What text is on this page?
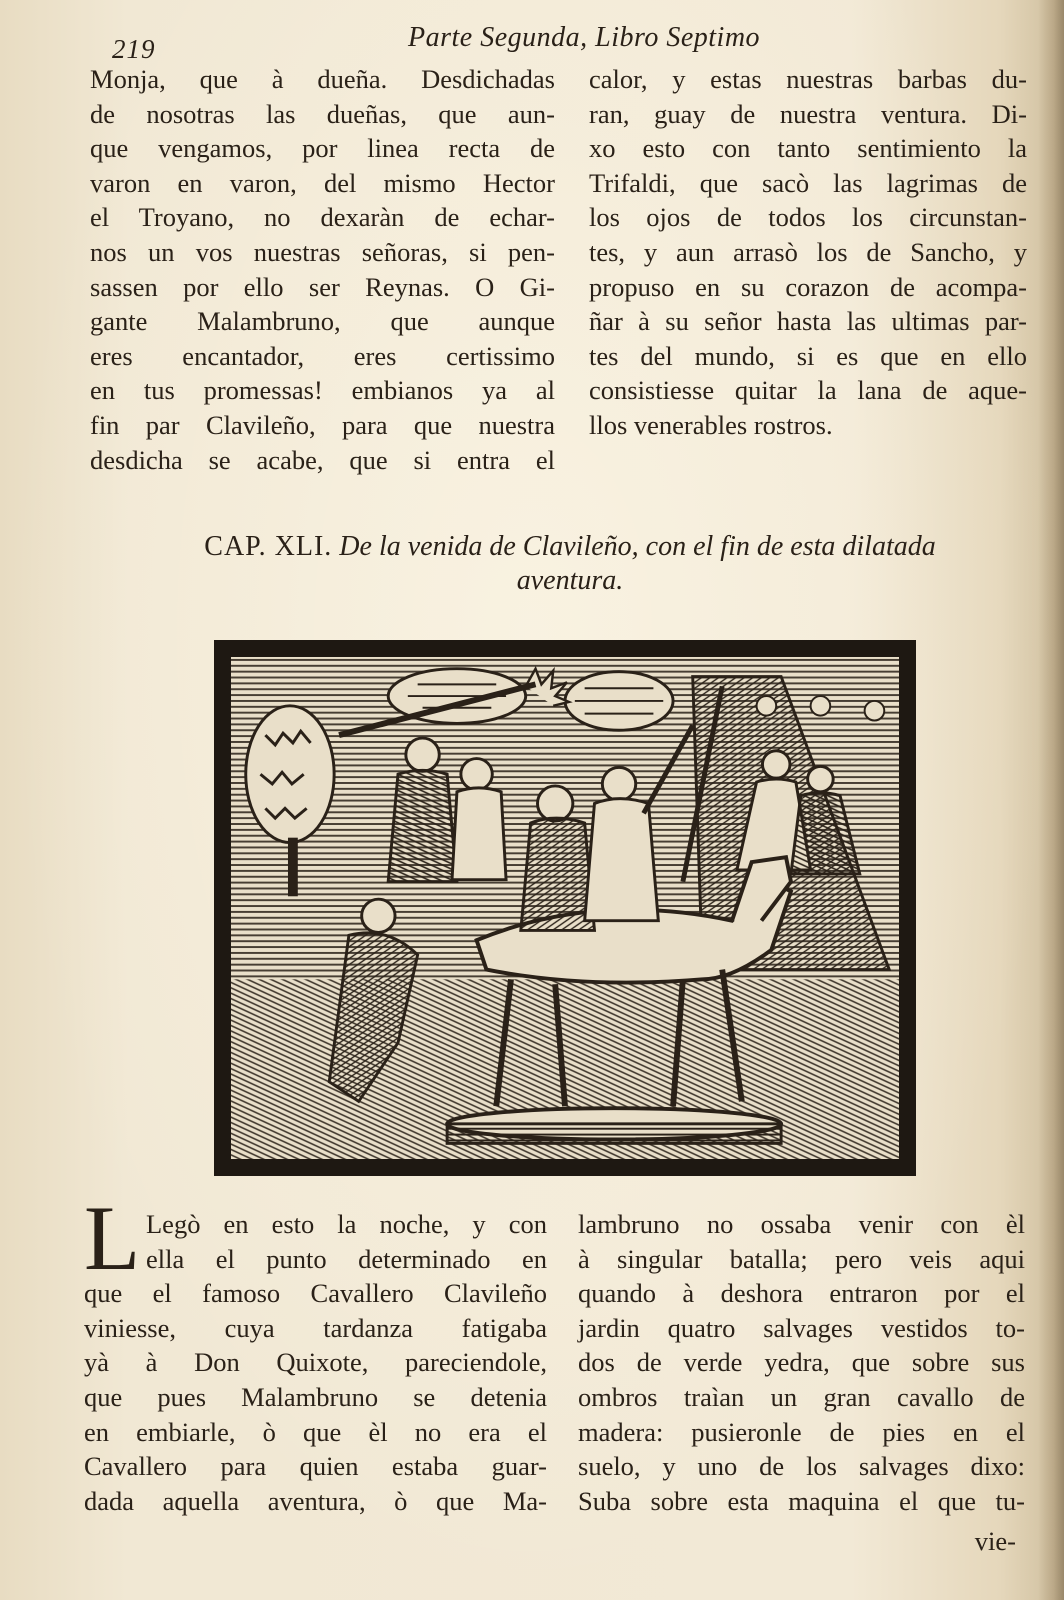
219	Parte Segunda, Libro Septimo
Monja, que à dueña. Desdichadas
de nosotras las dueñas, que aun-
que vengamos, por linea recta de
varon en varon, del mismo Hector
el Troyano, no dexaràn de echar-
nos un vos nuestras señoras, si pen-
sassen por ello ser Reynas. O Gi-
gante Malambruno, que aunque
eres encantador, eres certissimo
en tus promessas! embianos ya al
fin par Clavileño, para que nuestra
desdicha se acabe, que si entra el
calor, y estas nuestras barbas du-
ran, guay de nuestra ventura. Di-
xo esto con tanto sentimiento la
Trifaldi, que sacò las lagrimas de
los ojos de todos los circunstan-
tes, y aun arrasò los de Sancho, y
propuso en su corazon de acompa-
ñar à su señor hasta las ultimas par-
tes del mundo, si es que en ello
consistiesse quitar la lana de aque-
llos venerables rostros.
CAP. XLI. De la venida de Clavileño, con el fin de esta dilatada
aventura.
L Legò en esto la noche, y con
ella el punto determinado en
que el famoso Cavallero Clavileño
viniesse, cuya tardanza fatigaba
yà à Don Quixote, pareciendole,
que pues Malambruno se detenia
en embiarle, ò que èl no era el
Cavallero para quien estaba guar-
dada aquella aventura, ò que Ma-
lambruno no ossaba venir con èl
à singular batalla; pero veis aqui
quando à deshora entraron por el
jardin quatro salvages vestidos to-
dos de verde yedra, que sobre sus
ombros traìan un gran cavallo de
madera: pusieronle de pies en el
suelo, y uno de los salvages dixo:
Suba sobre esta maquina el que tu-
vie-
